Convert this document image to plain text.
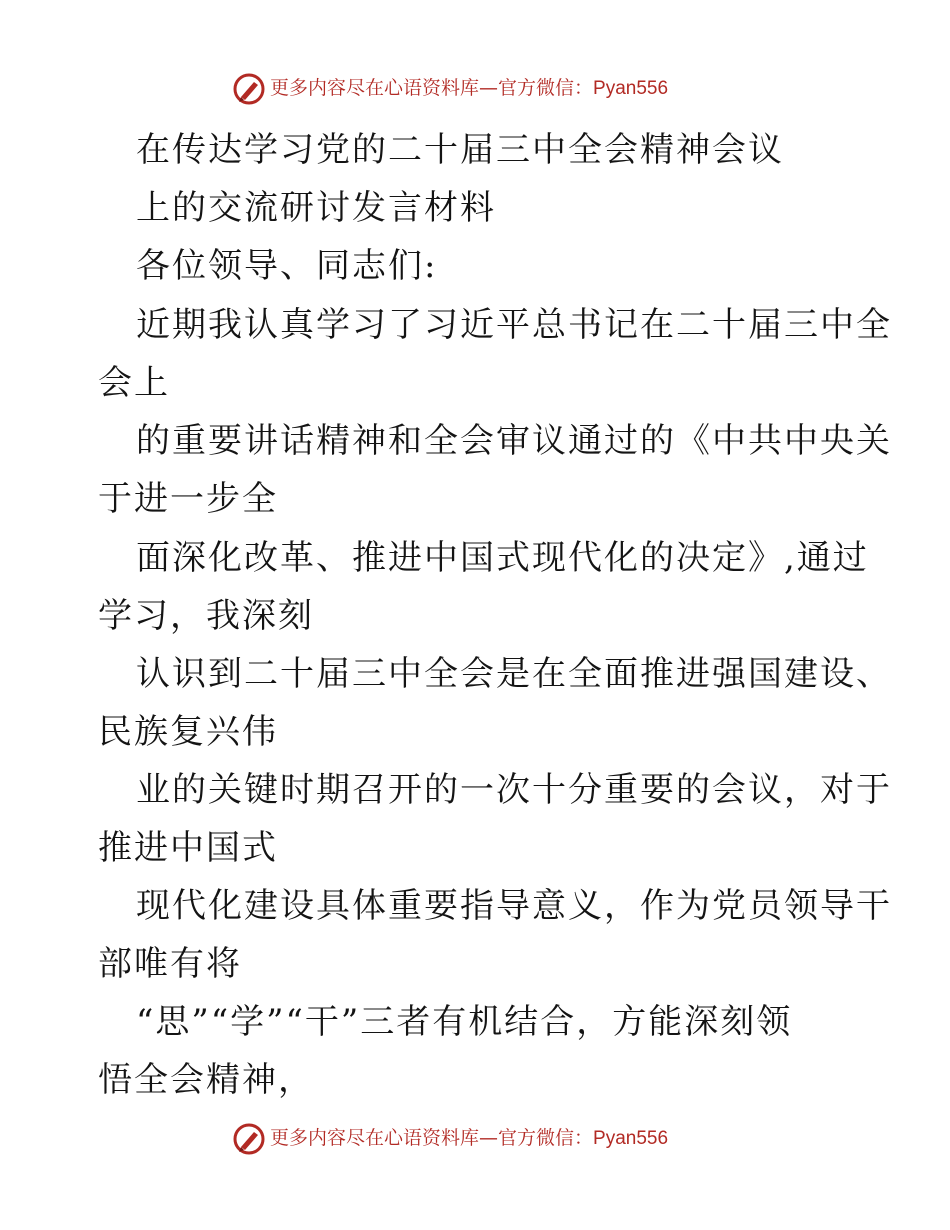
更多内容尽在心语资料库—官方微信：Pyan556
在传达学习党的二十届三中全会精神会议
上的交流研讨发言材料
各位领导、同志们:
近期我认真学习了习近平总书记在二十届三中全
会上
的重要讲话精神和全会审议通过的《中共中央关
于进一步全
面深化改革、推进中国式现代化的决定》,通过
学习，我深刻
认识到二十届三中全会是在全面推进强国建设、
民族复兴伟
业的关键时期召开的一次十分重要的会议，对于
推进中国式
现代化建设具体重要指导意义，作为党员领导干
部唯有将
“思”“学”“干”三者有机结合，方能深刻领
悟全会精神，
更多内容尽在心语资料库—官方微信：Pyan556
